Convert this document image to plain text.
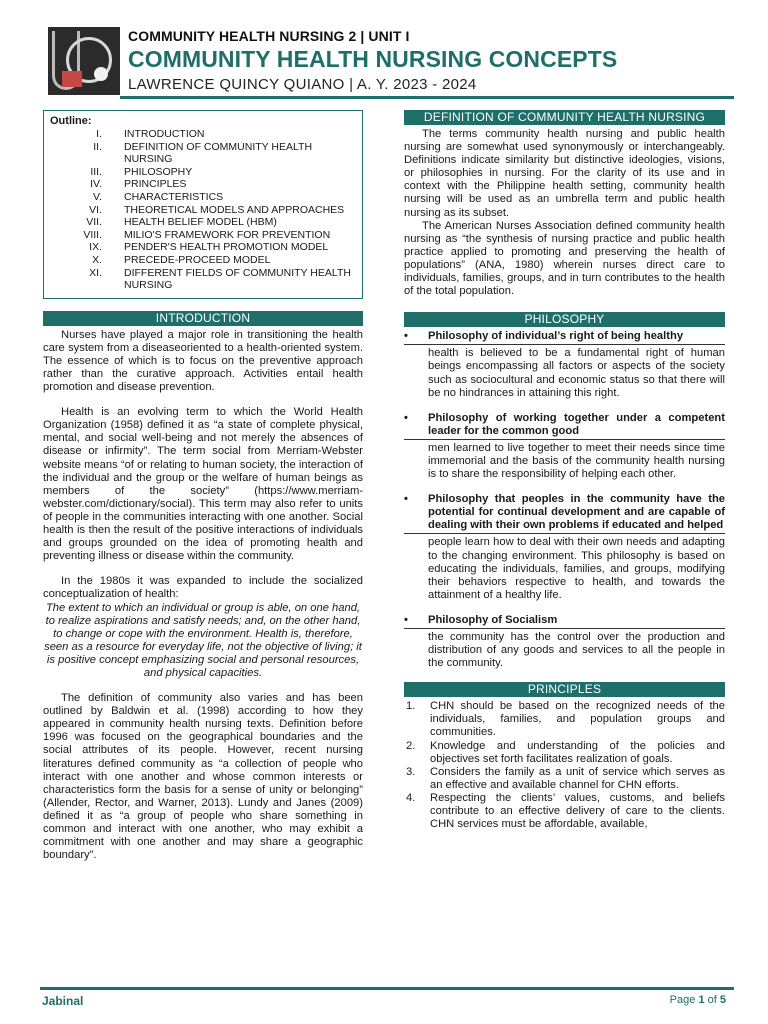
COMMUNITY HEALTH NURSING 2 | UNIT I
COMMUNITY HEALTH NURSING CONCEPTS
LAWRENCE QUINCY QUIANO | A. Y. 2023 - 2024
Outline:
I.	INTRODUCTION
II.	DEFINITION OF COMMUNITY HEALTH NURSING
III.	PHILOSOPHY
IV.	PRINCIPLES
V.	CHARACTERISTICS
VI.	THEORETICAL MODELS AND APPROACHES
VII.	HEALTH BELIEF MODEL (HBM)
VIII.	MILIO'S FRAMEWORK FOR PREVENTION
IX.	PENDER'S HEALTH PROMOTION MODEL
X.	PRECEDE-PROCEED MODEL
XI.	DIFFERENT FIELDS OF COMMUNITY HEALTH NURSING
INTRODUCTION

Nurses have played a major role in transitioning the health care system from a diseaseoriented to a health-oriented system. The essence of which is to focus on the preventive approach rather than the curative approach. Activities entail health promotion and disease prevention.

Health is an evolving term to which the World Health Organization (1958) defined it as “a state of complete physical, mental, and social well-being and not merely the absences of disease or infirmity”. The term social from Merriam-Webster website means “of or relating to human society, the interaction of the individual and the group or the welfare of human beings as members of the society” (https://www.merriam-webster.com/dictionary/social). This term may also refer to units of people in the communities interacting with one another. Social health is then the result of the positive interactions of individuals and groups grounded on the idea of promoting health and preventing illness or disease within the community.

In the 1980s it was expanded to include the socialized conceptualization of health:

The extent to which an individual or group is able, on one hand, to realize aspirations and satisfy needs; and, on the other hand, to change or cope with the environment. Health is, therefore, seen as a resource for everyday life, not the objective of living; it is positive concept emphasizing social and personal resources, and physical capacities.

The definition of community also varies and has been outlined by Baldwin et al. (1998) according to how they appeared in community health nursing texts. Definition before 1996 was focused on the geographical boundaries and the social attributes of its people. However, recent nursing literatures defined community as “a collection of people who interact with one another and whose common interests or characteristics form the basis for a sense of unity or belonging” (Allender, Rector, and Warner, 2013). Lundy and Janes (2009) defined it as “a group of people who share something in common and interact with one another, who may exhibit a commitment with one another and may share a geographic boundary”.

DEFINITION OF COMMUNITY HEALTH NURSING

The terms community health nursing and public health nursing are somewhat used synonymously or interchangeably. Definitions indicate similarity but distinctive ideologies, visions, or philosophies in nursing. For the clarity of its use and in context with the Philippine health setting, community health nursing will be used as an umbrella term and public health nursing as its subset.

The American Nurses Association defined community health nursing as “the synthesis of nursing practice and public health practice applied to promoting and preserving the health of populations” (ANA, 1980) wherein nurses direct care to individuals, families, groups, and in turn contributes to the health of the total population.

PHILOSOPHY
•	Philosophy of individual’s right of being healthy

health is believed to be a fundamental right of human beings encompassing all factors or aspects of the society such as sociocultural and economic status so that there will be no hindrances in attaining this right.

•	Philosophy of working together under a competent leader for the common good

men learned to live together to meet their needs since time immemorial and the basis of the community health nursing is to share the responsibility of helping each other.

•	Philosophy that peoples in the community have the potential for continual development and are capable of dealing with their own problems if educated and helped

people learn how to deal with their own needs and adapting to the changing environment. This philosophy is based on educating the individuals, families, and groups, modifying their behaviors respective to health, and towards the attainment of a healthy life.

•	Philosophy of Socialism

the community has the control over the production and distribution of any goods and services to all the people in the community.

PRINCIPLES
1.	CHN should be based on the recognized needs of the individuals, families, and population groups and communities.
2.	Knowledge and understanding of the policies and objectives set forth facilitates realization of goals.
3.	Considers the family as a unit of service which serves as an effective and available channel for CHN efforts.
4.	Respecting the clients’ values, customs, and beliefs contribute to an effective delivery of care to the clients. CHN services must be affordable, available,
Jabinal	Page 1 of 5
